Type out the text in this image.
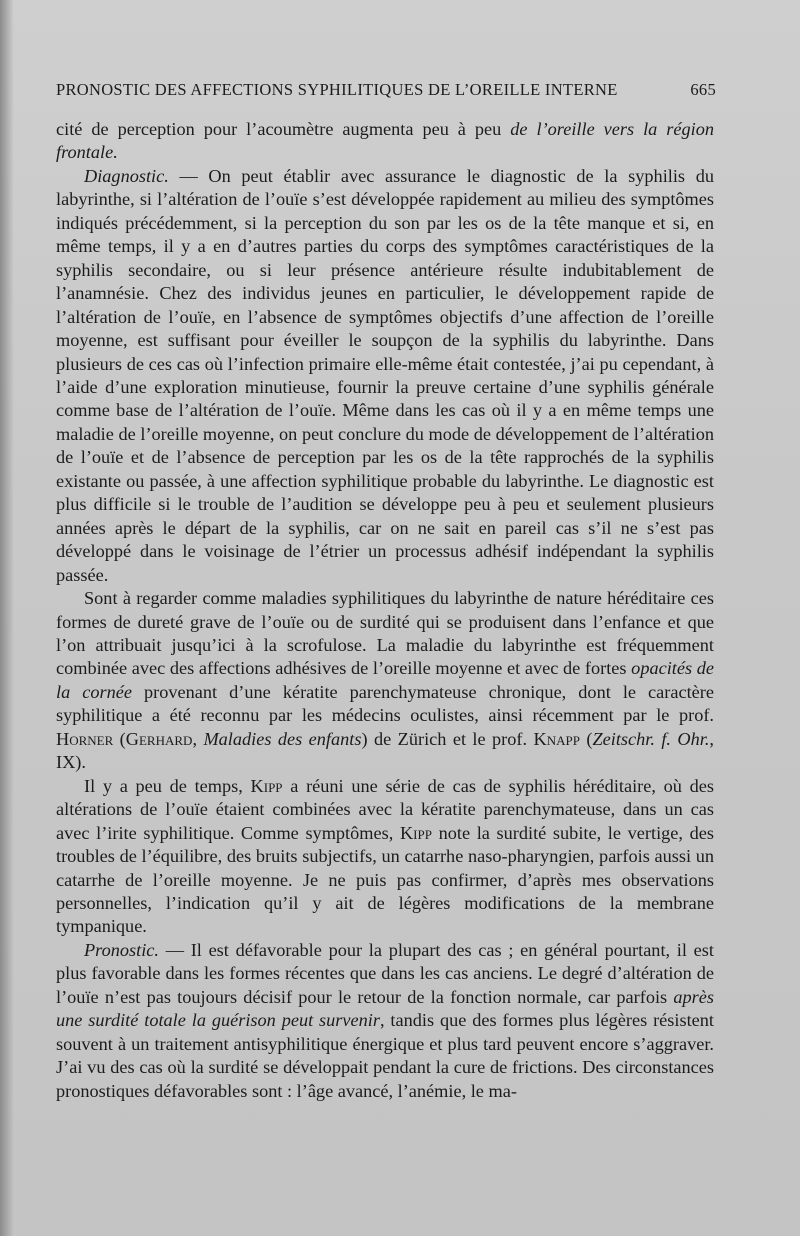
PRONOSTIC DES AFFECTIONS SYPHILITIQUES DE L’OREILLE INTERNE	665

cité de perception pour l’acoumètre augmenta peu à peu de l’oreille vers la région frontale.

Diagnostic. — On peut établir avec assurance le diagnostic de la syphilis du labyrinthe, si l’altération de l’ouïe s’est développée rapidement au milieu des symptômes indiqués précédemment, si la perception du son par les os de la tête manque et si, en même temps, il y a en d’autres parties du corps des symptômes caractéristiques de la syphilis secondaire, ou si leur présence antérieure résulte indubitablement de l’anamnésie. Chez des individus jeunes en particulier, le développement rapide de l’altération de l’ouïe, en l’absence de symptômes objectifs d’une affection de l’oreille moyenne, est suffisant pour éveiller le soupçon de la syphilis du labyrinthe. Dans plusieurs de ces cas où l’infection primaire elle-même était contestée, j’ai pu cependant, à l’aide d’une exploration minutieuse, fournir la preuve certaine d’une syphilis générale comme base de l’altération de l’ouïe. Même dans les cas où il y a en même temps une maladie de l’oreille moyenne, on peut conclure du mode de développement de l’altération de l’ouïe et de l’absence de perception par les os de la tête rapprochés de la syphilis existante ou passée, à une affection syphilitique probable du labyrinthe. Le diagnostic est plus difficile si le trouble de l’audition se développe peu à peu et seulement plusieurs années après le départ de la syphilis, car on ne sait en pareil cas s’il ne s’est pas développé dans le voisinage de l’étrier un processus adhésif indépendant la syphilis passée.

Sont à regarder comme maladies syphilitiques du labyrinthe de nature héréditaire ces formes de dureté grave de l’ouïe ou de surdité qui se produisent dans l’enfance et que l’on attribuait jusqu’ici à la scrofulose. La maladie du labyrinthe est fréquemment combinée avec des affections adhésives de l’oreille moyenne et avec de fortes opacités de la cornée provenant d’une kératite parenchymateuse chronique, dont le caractère syphilitique a été reconnu par les médecins oculistes, ainsi récemment par le prof. Horner (Gerhard, Maladies des enfants) de Zürich et le prof. Knapp (Zeitschr. f. Ohr., IX).

Il y a peu de temps, Kipp a réuni une série de cas de syphilis héréditaire, où des altérations de l’ouïe étaient combinées avec la kératite parenchymateuse, dans un cas avec l’irite syphilitique. Comme symptômes, Kipp note la surdité subite, le vertige, des troubles de l’équilibre, des bruits subjectifs, un catarrhe naso-pharyngien, parfois aussi un catarrhe de l’oreille moyenne. Je ne puis pas confirmer, d’après mes observations personnelles, l’indication qu’il y ait de légères modifications de la membrane tympanique.

Pronostic. — Il est défavorable pour la plupart des cas ; en général pourtant, il est plus favorable dans les formes récentes que dans les cas anciens. Le degré d’altération de l’ouïe n’est pas toujours décisif pour le retour de la fonction normale, car parfois après une surdité totale la guérison peut survenir, tandis que des formes plus légères résistent souvent à un traitement antisyphilitique énergique et plus tard peuvent encore s’aggraver. J’ai vu des cas où la surdité se développait pendant la cure de frictions. Des circonstances pronostiques défavorables sont : l’âge avancé, l’anémie, le ma-
